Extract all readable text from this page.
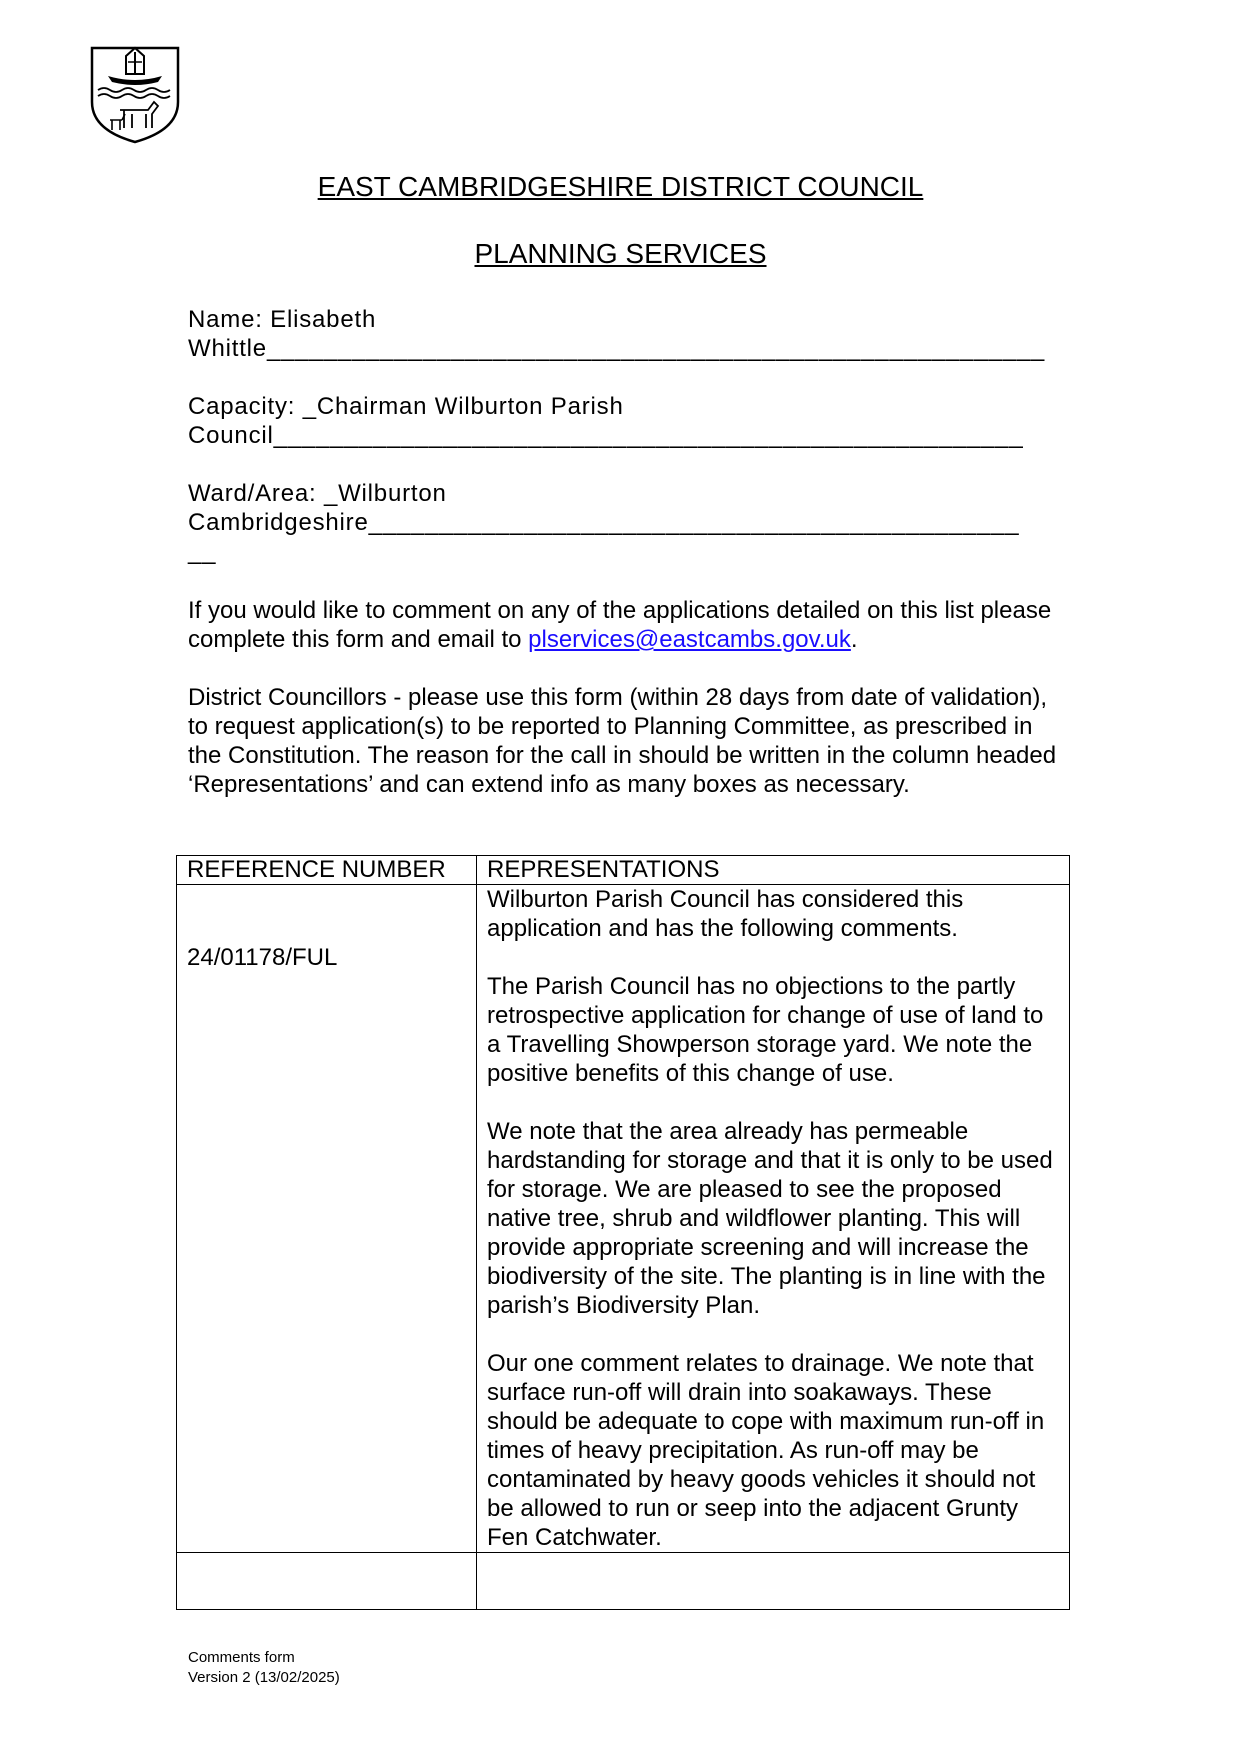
EAST CAMBRIDGESHIRE DISTRICT COUNCIL
PLANNING SERVICES
Name: Elisabeth
Whittle_______________________________________________________
Capacity: _Chairman Wilburton Parish
Council_____________________________________________________
Ward/Area: _Wilburton
Cambridgeshire______________________________________________
__

If you would like to comment on any of the applications detailed on this list please complete this form and email to plservices@eastcambs.gov.uk.

District Councillors - please use this form (within 28 days from date of validation), to request application(s) to be reported to Planning Committee, as prescribed in the Constitution. The reason for the call in should be written in the column headed ‘Representations’ and can extend info as many boxes as necessary.

REFERENCE NUMBER	REPRESENTATIONS
24/01178/FUL	Wilburton Parish Council has considered this application and has the following comments.

The Parish Council has no objections to the partly retrospective application for change of use of land to a Travelling Showperson storage yard. We note the positive benefits of this change of use.

We note that the area already has permeable hardstanding for storage and that it is only to be used for storage. We are pleased to see the proposed native tree, shrub and wildflower planting. This will provide appropriate screening and will increase the biodiversity of the site. The planting is in line with the parish’s Biodiversity Plan.

Our one comment relates to drainage. We note that surface run-off will drain into soakaways. These should be adequate to cope with maximum run-off in times of heavy precipitation. As run-off may be contaminated by heavy goods vehicles it should not be allowed to run or seep into the adjacent Grunty Fen Catchwater.

Comments form
Version 2 (13/02/2025)
